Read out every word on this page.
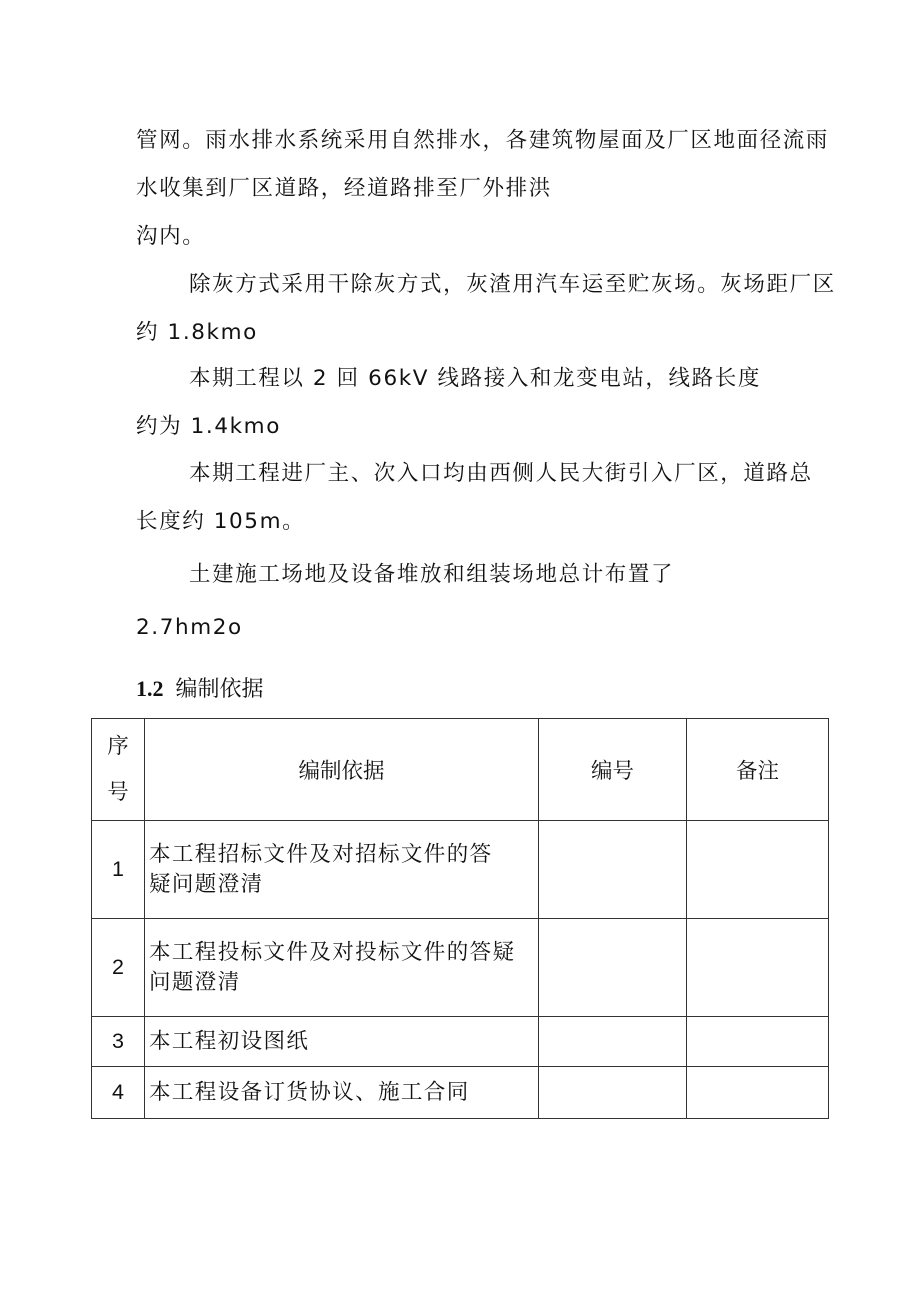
管网。雨水排水系统采用自然排水，各建筑物屋面及厂区地面径流雨
水收集到厂区道路，经道路排至厂外排洪
沟内。
除灰方式采用干除灰方式，灰渣用汽车运至贮灰场。灰场距厂区
约 1.8kmo
本期工程以 2 回 66kV 线路接入和龙变电站，线路长度
约为 1.4kmo
本期工程进厂主、次入口均由西侧人民大街引入厂区，道路总
长度约 105m。
土建施工场地及设备堆放和组装场地总计布置了
2.7hm2o
1.2 编制依据
序
号	编制依据	编号	备注
1	本工程招标文件及对招标文件的答
疑问题澄清		
2	本工程投标文件及对投标文件的答疑
问题澄清		
3	本工程初设图纸		
4	本工程设备订货协议、施工合同		
